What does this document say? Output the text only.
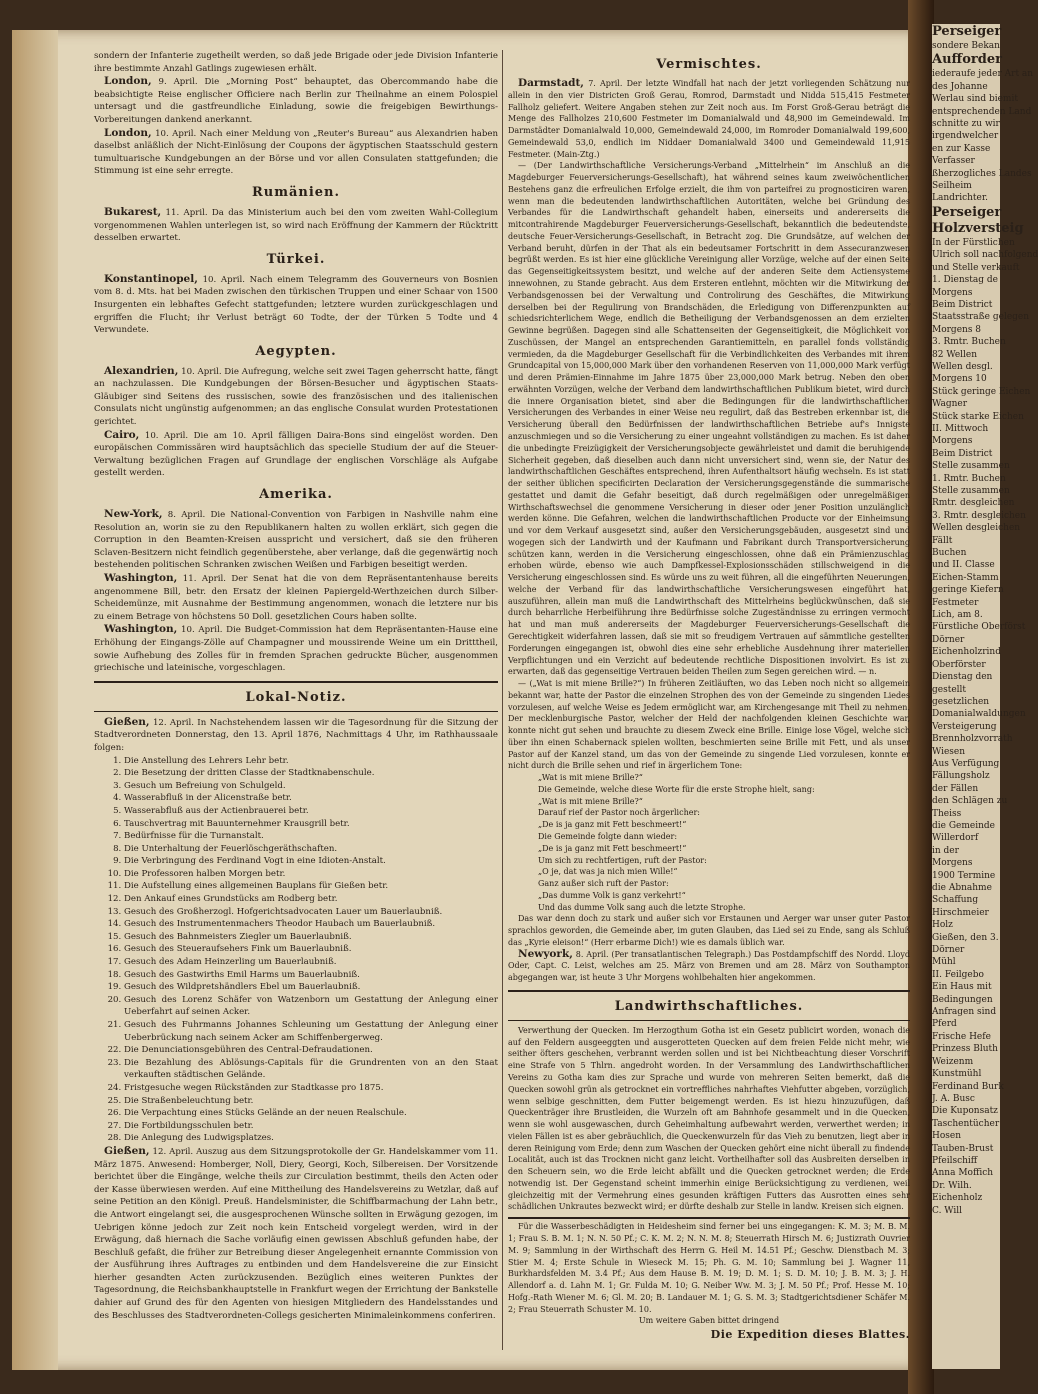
Perseiger
sondere Bekan
Aufforder
iederaufe jeder Art an
des Johanne
Werlau sind biemit
entsprechenden Land
schnitte zu wir
irgendwelcher
en zur Kasse
Verfasser
ßherzogliches Landes
Seilheim
Landrichter.
Perseiger
Holzversteig
In der Fürstlichen
Ulrich soll nachfolgend
und Stelle verkauft
1. Dienstag de
Morgens
Beim District
Staatsstraße gelegen
Morgens 8
3. Rmtr. Buchen
82 Wellen
Wellen desgl.
Morgens 10
Stück geringe Eichen
Wagner
Stück starke Eichen
II. Mittwoch
Morgens
Beim District
Stelle zusammen
1. Rmtr. Buchen
Stelle zusammen
Rmtr. desgleichen
3. Rmtr. desgleichen
Wellen desgleichen
Fällt
Buchen
und II. Classe
Eichen-Stamm
geringe Kiefern
Festmeter
Lich, am 8.
Fürstliche Oberförst
Dörner
Eichenholzrind
Oberförster
Dienstag den
gestellt
gesetzlichen
Domanialwaldungen
Versteigerung
Brennholzvorrath
Wiesen
Aus Verfügung
Fällungsholz
der Fällen
den Schlägen zu
Theiss
die Gemeinde
Willerdorf
in der
Morgens
1900 Termine
die Abnahme
Schaffung
Hirschmeier
Holz
Gießen, den 3.
Dörner
Mühl
II. Feilgebo
Ein Haus mit
Bedingungen
Anfragen sind
Pferd
Frische Hefe
Prinzess Bluth
Weizenm
Kunstmühl
Ferdinand Burk
J. A. Busc
Die Kuponsatz
Taschentücher
Hosen
Tauben-Brust
Pfeilschiff
Anna Moffich
Dr. Wilh.
Eichenholz
C. Will

sondern der Infanterie zugetheilt werden, so daß jede Brigade oder jede Division Infanterie ihre bestimmte Anzahl Gatlings zugewiesen erhält.

London, 9. April. Die „Morning Post“ behauptet, das Obercommando habe die beabsichtigte Reise englischer Officiere nach Berlin zur Theilnahme an einem Polospiel untersagt und die gastfreundliche Einladung, sowie die freigebigen Bewirthungs-Vorbereitungen dankend anerkannt.

London, 10. April. Nach einer Meldung von „Reuter's Bureau“ aus Alexandrien haben daselbst anläßlich der Nicht-Einlösung der Coupons der ägyptischen Staatsschuld gestern tumultuarische Kundgebungen an der Börse und vor allen Consulaten stattgefunden; die Stimmung ist eine sehr erregte.

Rumänien.

Bukarest, 11. April. Da das Ministerium auch bei den vom zweiten Wahl-Collegium vorgenommenen Wahlen unterlegen ist, so wird nach Eröffnung der Kammern der Rücktritt desselben erwartet.

Türkei.

Konstantinopel, 10. April. Nach einem Telegramm des Gouverneurs von Bosnien vom 8. d. Mts. hat bei Maden zwischen den türkischen Truppen und einer Schaar von 1500 Insurgenten ein lebhaftes Gefecht stattgefunden; letztere wurden zurückgeschlagen und ergriffen die Flucht; ihr Verlust beträgt 60 Todte, der der Türken 5 Todte und 4 Verwundete.

Aegypten.

Alexandrien, 10. April. Die Aufregung, welche seit zwei Tagen geherrscht hatte, fängt an nachzulassen. Die Kundgebungen der Börsen-Besucher und ägyptischen Staats-Gläubiger sind Seitens des russischen, sowie des französischen und des italienischen Consulats nicht ungünstig aufgenommen; an das englische Consulat wurden Protestationen gerichtet.

Cairo, 10. April. Die am 10. April fälligen Daira-Bons sind eingelöst worden. Den europäischen Commissären wird hauptsächlich das specielle Studium der auf die Steuer-Verwaltung bezüglichen Fragen auf Grundlage der englischen Vorschläge als Aufgabe gestellt werden.

Amerika.

New-York, 8. April. Die National-Convention von Farbigen in Nashville nahm eine Resolution an, worin sie zu den Republikanern halten zu wollen erklärt, sich gegen die Corruption in den Beamten-Kreisen ausspricht und versichert, daß sie den früheren Sclaven-Besitzern nicht feindlich gegenüberstehe, aber verlange, daß die gegenwärtig noch bestehenden politischen Schranken zwischen Weißen und Farbigen beseitigt werden.

Washington, 11. April. Der Senat hat die von dem Repräsentantenhause bereits angenommene Bill, betr. den Ersatz der kleinen Papiergeld-Werthzeichen durch Silber-Scheidemünze, mit Ausnahme der Bestimmung angenommen, wonach die letztere nur bis zu einem Betrage von höchstens 50 Doll. gesetzlichen Cours haben sollte.

Washington, 10. April. Die Budget-Commission hat dem Repräsentanten-Hause eine Erhöhung der Eingangs-Zölle auf Champagner und moussirende Weine um ein Dritttheil, sowie Aufhebung des Zolles für in fremden Sprachen gedruckte Bücher, ausgenommen griechische und lateinische, vorgeschlagen.

Lokal-Notiz.

Gießen, 12. April. In Nachstehendem lassen wir die Tagesordnung für die Sitzung der Stadtverordneten Donnerstag, den 13. April 1876, Nachmittags 4 Uhr, im Rathhaussaale folgen:

1. Die Anstellung des Lehrers Lehr betr.
2. Die Besetzung der dritten Classe der Stadtknabenschule.
3. Gesuch um Befreiung von Schulgeld.
4. Wasserabfluß in der Alicenstraße betr.
5. Wasserabfluß aus der Actienbrauerei betr.
6. Tauschvertrag mit Bauunternehmer Krausgrill betr.
7. Bedürfnisse für die Turnanstalt.
8. Die Unterhaltung der Feuerlöschgeräthschaften.
9. Die Verbringung des Ferdinand Vogt in eine Idioten-Anstalt.
10. Die Professoren halben Morgen betr.
11. Die Aufstellung eines allgemeinen Bauplans für Gießen betr.
12. Den Ankauf eines Grundstücks am Rodberg betr.
13. Gesuch des Großherzogl. Hofgerichtsadvocaten Lauer um Bauerlaubniß.
14. Gesuch des Instrumentenmachers Theodor Haubach um Bauerlaubniß.
15. Gesuch des Bahnmeisters Ziegler um Bauerlaubniß.
16. Gesuch des Steueraufsehers Fink um Bauerlaubniß.
17. Gesuch des Adam Heinzerling um Bauerlaubniß.
18. Gesuch des Gastwirths Emil Harms um Bauerlaubniß.
19. Gesuch des Wildpretshändlers Ebel um Bauerlaubniß.
20. Gesuch des Lorenz Schäfer von Watzenborn um Gestattung der Anlegung einer Ueberfahrt auf seinen Acker.
21. Gesuch des Fuhrmanns Johannes Schleuning um Gestattung der Anlegung einer Ueberbrückung nach seinem Acker am Schiffenbergerweg.
22. Die Denunciationsgebühren des Central-Defraudationen.
23. Die Bezahlung des Ablösungs-Capitals für die Grundrenten von an den Staat verkauften städtischen Gelände.
24. Fristgesuche wegen Rückständen zur Stadtkasse pro 1875.
25. Die Straßenbeleuchtung betr.
26. Die Verpachtung eines Stücks Gelände an der neuen Realschule.
27. Die Fortbildungsschulen betr.
28. Die Anlegung des Ludwigsplatzes.

Gießen, 12. April. Auszug aus dem Sitzungsprotokolle der Gr. Handelskammer vom 11. März 1875. Anwesend: Homberger, Noll, Diery, Georgi, Koch, Silbereisen. Der Vorsitzende berichtet über die Eingänge, welche theils zur Circulation bestimmt, theils den Acten oder der Kasse überwiesen werden. Auf eine Mittheilung des Handelsvereins zu Wetzlar, daß auf seine Petition an den Königl. Preuß. Handelsminister, die Schiffbarmachung der Lahn betr., die Antwort eingelangt sei, die ausgesprochenen Wünsche sollten in Erwägung gezogen, im Uebrigen könne jedoch zur Zeit noch kein Entscheid vorgelegt werden, wird in der Erwägung, daß hiernach die Sache vorläufig einen gewissen Abschluß gefunden habe, der Beschluß gefaßt, die früher zur Betreibung dieser Angelegenheit ernannte Commission von der Ausführung ihres Auftrages zu entbinden und dem Handelsvereine die zur Einsicht hierher gesandten Acten zurückzusenden. Bezüglich eines weiteren Punktes der Tagesordnung, die Reichsbankhauptstelle in Frankfurt wegen der Errichtung der Bankstelle dahier auf Grund des für den Agenten von hiesigen Mitgliedern des Handelsstandes und des Beschlusses des Stadtverordneten-Collegs gesicherten Minimaleinkommens conferiren.

Vermischtes.

Darmstadt, 7. April. Der letzte Windfall hat nach der jetzt vorliegenden Schätzung nur allein in den vier Districten Groß Gerau, Romrod, Darmstadt und Nidda 515,415 Festmeter Fallholz geliefert. Weitere Angaben stehen zur Zeit noch aus. Im Forst Groß-Gerau beträgt die Menge des Fallholzes 210,600 Festmeter im Domanialwald und 48,900 im Gemeindewald. Im Darmstädter Domanialwald 10,000, Gemeindewald 24,000, im Romroder Domanialwald 199,600, Gemeindewald 53,0, endlich im Niddaer Domanialwald 3400 und Gemeindewald 11,915 Festmeter. (Main-Ztg.)

— (Der Landwirthschaftliche Versicherungs-Verband „Mittelrhein“ im Anschluß an die Magdeburger Feuerversicherungs-Gesellschaft), hat während seines kaum zweiwöchentlichen Bestehens ganz die erfreulichen Erfolge erzielt, die ihm von parteifrei zu prognosticiren waren, wenn man die bedeutenden landwirthschaftlichen Autoritäten, welche bei Gründung des Verbandes für die Landwirthschaft gehandelt haben, einerseits und andererseits die mitcontrahirende Magdeburger Feuerversicherungs-Gesellschaft, bekanntlich die bedeutendste, deutsche Feuer-Versicherungs-Gesellschaft, in Betracht zog. Die Grundsätze, auf welchen der Verband beruht, dürfen in der That als ein bedeutsamer Fortschritt in dem Assecuranzwesen begrüßt werden. Es ist hier eine glückliche Vereinigung aller Vorzüge, welche auf der einen Seite das Gegenseitigkeitssystem besitzt, und welche auf der anderen Seite dem Actiensysteme innewohnen, zu Stande gebracht. Aus dem Ersteren entlehnt, möchten wir die Mitwirkung der Verbandsgenossen bei der Verwaltung und Controlirung des Geschäftes, die Mitwirkung derselben bei der Regulirung von Brandschäden, die Erledigung von Differenzpunkten auf schiedsrichterlichem Wege, endlich die Betheiligung der Verbandsgenossen an dem erzielten Gewinne begrüßen. Dagegen sind alle Schattenseiten der Gegenseitigkeit, die Möglichkeit von Zuschüssen, der Mangel an entsprechenden Garantiemitteln, en parallel fonds vollständig vermieden, da die Magdeburger Gesellschaft für die Verbindlichkeiten des Verbandes mit ihrem Grundcapital von 15,000,000 Mark über den vorhandenen Reserven von 11,000,000 Mark verfügt und deren Prämien-Einnahme im Jahre 1875 über 23,000,000 Mark betrug. Neben den oben erwähnten Vorzügen, welche der Verband dem landwirthschaftlichen Publikum bietet, wird durch die innere Organisation bietet, sind aber die Bedingungen für die landwirthschaftlichen Versicherungen des Verbandes in einer Weise neu regulirt, daß das Bestreben erkennbar ist, die Versicherung überall den Bedürfnissen der landwirthschaftlichen Betriebe auf's Innigste anzuschmiegen und so die Versicherung zu einer ungeahnt vollständigen zu machen. Es ist daher die unbedingte Freizügigkeit der Versicherungsobjecte gewährleistet und damit die beruhigende Sicherheit gegeben, daß dieselben auch dann nicht unversichert sind, wenn sie, der Natur des landwirthschaftlichen Geschäftes entsprechend, ihren Aufenthaltsort häufig wechseln. Es ist statt der seither üblichen specificirten Declaration der Versicherungsgegenstände die summarische gestattet und damit die Gefahr beseitigt, daß durch regelmäßigen oder unregelmäßigen Wirthschaftswechsel die genommene Versicherung in dieser oder jener Position unzulänglich werden könne. Die Gefahren, welchen die landwirthschaftlichen Producte vor der Einheimsung und vor dem Verkauf ausgesetzt sind, außer den Versicherungsgebäuden, ausgesetzt sind und wogegen sich der Landwirth und der Kaufmann und Fabrikant durch Transportversicherung schützen kann, werden in die Versicherung eingeschlossen, ohne daß ein Prämienzuschlag erhoben würde, ebenso wie auch Dampfkessel-Explosionsschäden stillschweigend in die Versicherung eingeschlossen sind. Es würde uns zu weit führen, all die eingeführten Neuerungen, welche der Verband für das landwirthschaftliche Versicherungswesen eingeführt hat, auszuführen, allein man muß die Landwirthschaft des Mittelrheins beglückwünschen, daß sie durch beharrliche Herbeiführung ihre Bedürfnisse solche Zugeständnisse zu erringen vermocht hat und man muß andererseits der Magdeburger Feuerversicherungs-Gesellschaft die Gerechtigkeit widerfahren lassen, daß sie mit so freudigem Vertrauen auf sämmtliche gestellten Forderungen eingegangen ist, obwohl dies eine sehr erhebliche Ausdehnung ihrer materiellen Verpflichtungen und ein Verzicht auf bedeutende rechtliche Dispositionen involvirt. Es ist zu erwarten, daß das gegenseitige Vertrauen beiden Theilen zum Segen gereichen wird. — n.

— („Wat is mit miene Brille?“) In früheren Zeitläuften, wo das Leben noch nicht so allgemein bekannt war, hatte der Pastor die einzelnen Strophen des von der Gemeinde zu singenden Liedes vorzulesen, auf welche Weise es Jedem ermöglicht war, am Kirchengesange mit Theil zu nehmen. Der mecklenburgische Pastor, welcher der Held der nachfolgenden kleinen Geschichte war, konnte nicht gut sehen und brauchte zu diesem Zweck eine Brille. Einige lose Vögel, welche sich über ihn einen Schabernack spielen wollten, beschmierten seine Brille mit Fett, und als unser Pastor auf der Kanzel stand, um das von der Gemeinde zu singende Lied vorzulesen, konnte er nicht durch die Brille sehen und rief in ärgerlichem Tone:

„Wat is mit miene Brille?“

Die Gemeinde, welche diese Worte für die erste Strophe hielt, sang:

„Wat is mit miene Brille?“

Darauf rief der Pastor noch ärgerlicher:

„De is ja ganz mit Fett beschmeert!“

Die Gemeinde folgte dann wieder:

„De is ja ganz mit Fett beschmeert!“

Um sich zu rechtfertigen, ruft der Pastor:

„O je, dat was ja nich mien Wille!“

Ganz außer sich ruft der Pastor:

„Das dumme Volk is ganz verkehrt!“

Und das dumme Volk sang auch die letzte Strophe.

Das war denn doch zu stark und außer sich vor Erstaunen und Aerger war unser guter Pastor sprachlos geworden, die Gemeinde aber, im guten Glauben, das Lied sei zu Ende, sang als Schluß das „Kyrie eleison!“ (Herr erbarme Dich!) wie es damals üblich war.

Newyork, 8. April. (Per transatlantischen Telegraph.) Das Postdampfschiff des Nordd. Lloyd Oder, Capt. C. Leist, welches am 25. März von Bremen und am 28. März von Southampton abgegangen war, ist heute 3 Uhr Morgens wohlbehalten hier angekommen.

Landwirthschaftliches.

Verwerthung der Quecken. Im Herzogthum Gotha ist ein Gesetz publicirt worden, wonach die auf den Feldern ausgeeggten und ausgerotteten Quecken auf dem freien Felde nicht mehr, wie seither öfters geschehen, verbrannt werden sollen und ist bei Nichtbeachtung dieser Vorschrift eine Strafe von 5 Thlrn. angedroht worden. In der Versammlung des Landwirthschaftlichen Vereins zu Gotha kam dies zur Sprache und wurde von mehreren Seiten bemerkt, daß die Quecken sowohl grün als getrocknet ein vortreffliches nahrhaftes Viehfutter abgeben, vorzüglich, wenn selbige geschnitten, dem Futter beigemengt werden. Es ist hiezu hinzuzufügen, daß Queckenträger ihre Brustleiden, die Wurzeln oft am Bahnhofe gesammelt und in die Quecken, wenn sie wohl ausgewaschen, durch Geheimhaltung aufbewahrt werden, verwerthet werden; in vielen Fällen ist es aber gebräuchlich, die Queckenwurzeln für das Vieh zu benutzen, liegt aber in deren Reinigung vom Erde; denn zum Waschen der Quecken gehört eine nicht überall zu findende Localität, auch ist das Trocknen nicht ganz leicht. Vortheilhafter soll das Ausbreiten derselben in den Scheuern sein, wo die Erde leicht abfällt und die Quecken getrocknet werden; die Erde notwendig ist. Der Gegenstand scheint immerhin einige Berücksichtigung zu verdienen, weil gleichzeitig mit der Vermehrung eines gesunden kräftigen Futters das Ausrotten eines sehr schädlichen Unkrautes bezweckt wird; er dürfte deshalb zur Stelle in landw. Kreisen sich eignen.

Für die Wasserbeschädigten in Heidesheim sind ferner bei uns eingegangen: K. M. 3; M. B. M. 1; Frau S. B. M. 1; N. N. 50 Pf.; C. K. M. 2; N. N. M. 8; Steuerrath Hirsch M. 6; Justizrath Ouvrier M. 9; Sammlung in der Wirthschaft des Herrn G. Heil M. 14.51 Pf.; Geschw. Dienstbach M. 3; Stier M. 4; Erste Schule in Wieseck M. 15; Ph. G. M. 10; Sammlung bei J. Wagner 11, Burkhardsfelden M. 3.4 Pf.; Aus dem Hause B. M. 19; D. M. 1; S. D. M. 10; J. B. M. 3; J. H. Allendorf a. d. Lahn M. 1; Gr. Fulda M. 10; G. Neiber Ww. M. 3; J. M. 50 Pf.; Prof. Hesse M. 10; Hofg.-Rath Wiener M. 6; Gl. M. 20; B. Landauer M. 1; G. S. M. 3; Stadtgerichtsdiener Schäfer M. 2; Frau Steuerrath Schuster M. 10.

Um weitere Gaben bittet dringend

Die Expedition dieses Blattes.
